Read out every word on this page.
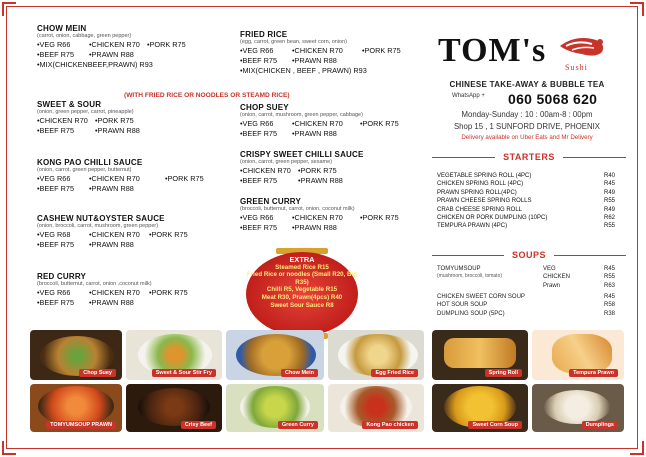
CHOW MEIN
(carrot, onion, cabbage, green pepper)
•VEG R66	•CHICKEN R70 •PORK R75
•BEEF R75	•PRAWN R88
•MIX(CHICKENBEEF,PRAWN) R93
(WITH FRIED RICE OR NOODLES OR STEAMD RICE)
SWEET & SOUR
(onion, green pepper, carrot, pineapple)
•CHICKEN R70 •PORK R75
•BEEF R75	•PRAWN R88
KONG PAO CHILLI SAUCE
(onion, carrot, green pepper, butternut)
•VEG R66	•CHICKEN R70	•PORK R75
•BEEF R75	•PRAWN R88
CASHEW NUT&OYSTER SAUCE
(onion, broccoli, carrot, mushroom, green pepper)
•VEG R68	•CHICKEN R70	•PORK R75
•BEEF R75	•PRAWN R88
RED CURRY
(broccoli, butternut, carrot, onion ,coconut milk)
•VEG R66	•CHICKEN R70	•PORK R75
•BEEF R75	•PRAWN R88
FRIED RICE
(egg, carrot, green bean, sweet corn, onion)
•VEG R66	•CHICKEN R70	•PORK R75
•BEEF R75	•PRAWN R88
•MIX(CHICKEN , BEEF , PRAWN) R93
CHOP SUEY
(onion, carrot, mushroom, green pepper, cabbage)
•VEG R66	•CHICKEN R70	•PORK R75
•BEEF R75	•PRAWN R88
CRISPY SWEET CHILLI SAUCE
(onion, carrot, green pepper, sesame)
•CHICKEN R70 •PORK R75
•BEEF R75	•PRAWN R88
GREEN CURRY
(broccoli, butternut, carrot, onion, coconut milk)
•VEG R66	•CHICKEN R70	•PORK R75
•BEEF R75	•PRAWN R88
EXTRA
Steamed Rice R15
Fried Rice or noodles (Small R20, Big R35)
Chilli R5, Vegetable R15
Meat R30, Prawn(4pcs) R40
Sweet Sour Sauce R8
TOM's Sushi
CHINESE TAKE-AWAY & BUBBLE TEA
WhatsApp + 060 5068 620
Monday-Sunday : 10 : 00am-8 : 00pm
Shop 15 , 1 SUNFORD DRIVE, PHOENIX
Delivery available on Uber Eats and Mr Delivery
STARTERS
VEGETABLE SPRING ROLL (4PC)	R40
CHICKEN SPRING ROLL (4PC)	R45
PRAWN SPRING ROLL(4PC)	R49
PRAWN CHEESE SPRING ROLLS	R55
CRAB CHEESE SPRING ROLL	R49
CHICKEN OR PORK DUMPLING (10PC)	R62
TEMPURA PRAWN (4PC)	R55
SOUPS
TOMYUMSOUP
(mushroom, broccoli, tomato)
VEG	R45
CHICKEN	R55
Prawn	R63
CHICKEN SWEET CORN SOUP	R45
HOT SOUR SOUP	R58
DUMPLING SOUP (5PC)	R38
Chop Suey	Sweet & Sour Stir Fry	Chow Mein	Egg Fried Rice	Spring Roll	Tempura Prawn
TOMYUMSOUP PRAWN	Crisy Beef	Green Curry	Kong Pao chicken	Sweet Corn Soup	Dumplings
